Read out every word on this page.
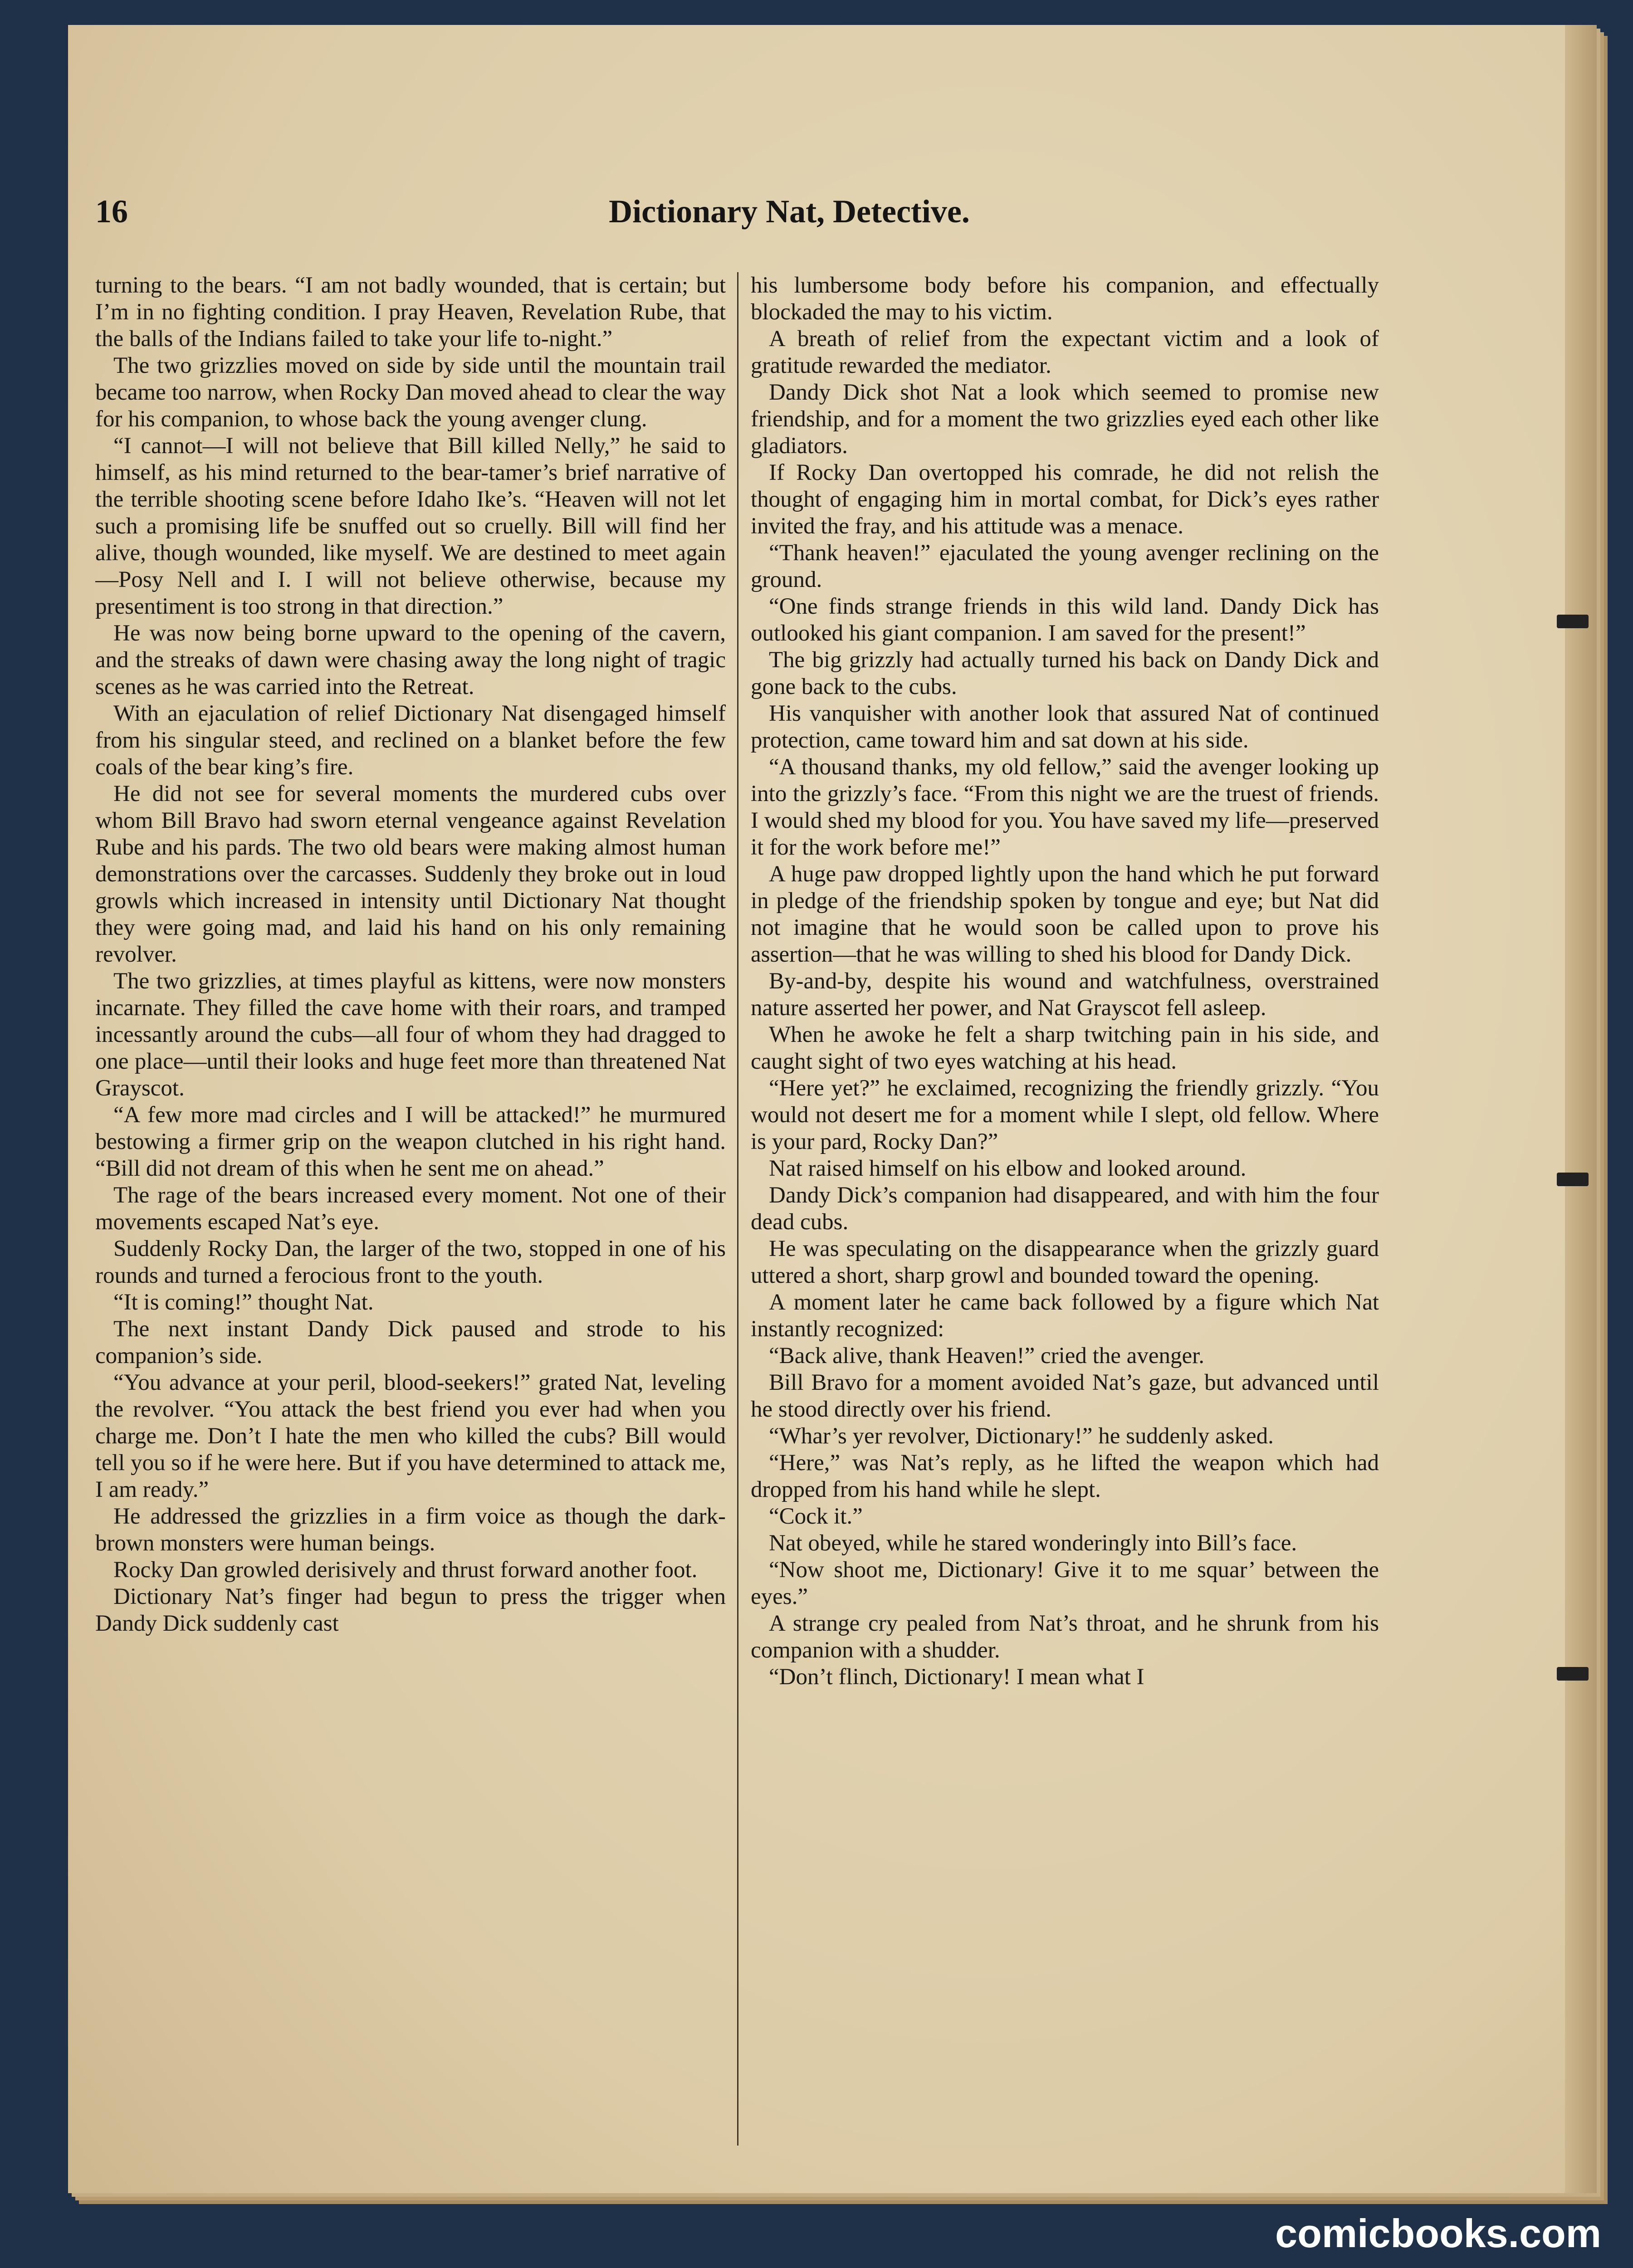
16	Dictionary Nat, Detective.

turning to the bears. “I am not badly wounded, that is certain; but I’m in no fighting condition. I pray Heaven, Revelation Rube, that the balls of the Indians failed to take your life to-night.”

The two grizzlies moved on side by side until the mountain trail became too narrow, when Rocky Dan moved ahead to clear the way for his companion, to whose back the young avenger clung.

“I cannot—I will not believe that Bill killed Nelly,” he said to himself, as his mind returned to the bear-tamer’s brief narrative of the terrible shooting scene before Idaho Ike’s. “Heaven will not let such a promising life be snuffed out so cruelly. Bill will find her alive, though wounded, like myself. We are destined to meet again—Posy Nell and I. I will not believe otherwise, because my presentiment is too strong in that direction.”

He was now being borne upward to the opening of the cavern, and the streaks of dawn were chasing away the long night of tragic scenes as he was carried into the Retreat.

With an ejaculation of relief Dictionary Nat disengaged himself from his singular steed, and reclined on a blanket before the few coals of the bear king’s fire.

He did not see for several moments the murdered cubs over whom Bill Bravo had sworn eternal vengeance against Revelation Rube and his pards. The two old bears were making almost human demonstrations over the carcasses. Suddenly they broke out in loud growls which increased in intensity until Dictionary Nat thought they were going mad, and laid his hand on his only remaining revolver.

The two grizzlies, at times playful as kittens, were now monsters incarnate. They filled the cave home with their roars, and tramped incessantly around the cubs—all four of whom they had dragged to one place—until their looks and huge feet more than threatened Nat Grayscot.

“A few more mad circles and I will be attacked!” he murmured bestowing a firmer grip on the weapon clutched in his right hand. “Bill did not dream of this when he sent me on ahead.”

The rage of the bears increased every moment. Not one of their movements escaped Nat’s eye.

Suddenly Rocky Dan, the larger of the two, stopped in one of his rounds and turned a ferocious front to the youth.

“It is coming!” thought Nat.

The next instant Dandy Dick paused and strode to his companion’s side.

“You advance at your peril, blood-seekers!” grated Nat, leveling the revolver. “You attack the best friend you ever had when you charge me. Don’t I hate the men who killed the cubs? Bill would tell you so if he were here. But if you have determined to attack me, I am ready.”

He addressed the grizzlies in a firm voice as though the dark-brown monsters were human beings.

Rocky Dan growled derisively and thrust forward another foot.

Dictionary Nat’s finger had begun to press the trigger when Dandy Dick suddenly cast

his lumbersome body before his companion, and effectually blockaded the may to his victim.

A breath of relief from the expectant victim and a look of gratitude rewarded the mediator.

Dandy Dick shot Nat a look which seemed to promise new friendship, and for a moment the two grizzlies eyed each other like gladiators.

If Rocky Dan overtopped his comrade, he did not relish the thought of engaging him in mortal combat, for Dick’s eyes rather invited the fray, and his attitude was a menace.

“Thank heaven!” ejaculated the young avenger reclining on the ground.

“One finds strange friends in this wild land. Dandy Dick has outlooked his giant companion. I am saved for the present!”

The big grizzly had actually turned his back on Dandy Dick and gone back to the cubs.

His vanquisher with another look that assured Nat of continued protection, came toward him and sat down at his side.

“A thousand thanks, my old fellow,” said the avenger looking up into the grizzly’s face. “From this night we are the truest of friends. I would shed my blood for you. You have saved my life—preserved it for the work before me!”

A huge paw dropped lightly upon the hand which he put forward in pledge of the friendship spoken by tongue and eye; but Nat did not imagine that he would soon be called upon to prove his assertion—that he was willing to shed his blood for Dandy Dick.

By-and-by, despite his wound and watchfulness, overstrained nature asserted her power, and Nat Grayscot fell asleep.

When he awoke he felt a sharp twitching pain in his side, and caught sight of two eyes watching at his head.

“Here yet?” he exclaimed, recognizing the friendly grizzly. “You would not desert me for a moment while I slept, old fellow. Where is your pard, Rocky Dan?”

Nat raised himself on his elbow and looked around.

Dandy Dick’s companion had disappeared, and with him the four dead cubs.

He was speculating on the disappearance when the grizzly guard uttered a short, sharp growl and bounded toward the opening.

A moment later he came back followed by a figure which Nat instantly recognized:

“Back alive, thank Heaven!” cried the avenger.

Bill Bravo for a moment avoided Nat’s gaze, but advanced until he stood directly over his friend.

“Whar’s yer revolver, Dictionary!” he suddenly asked.

“Here,” was Nat’s reply, as he lifted the weapon which had dropped from his hand while he slept.

“Cock it.”

Nat obeyed, while he stared wonderingly into Bill’s face.

“Now shoot me, Dictionary! Give it to me squar’ between the eyes.”

A strange cry pealed from Nat’s throat, and he shrunk from his companion with a shudder.

“Don’t flinch, Dictionary! I mean what I

comicbooks.com
